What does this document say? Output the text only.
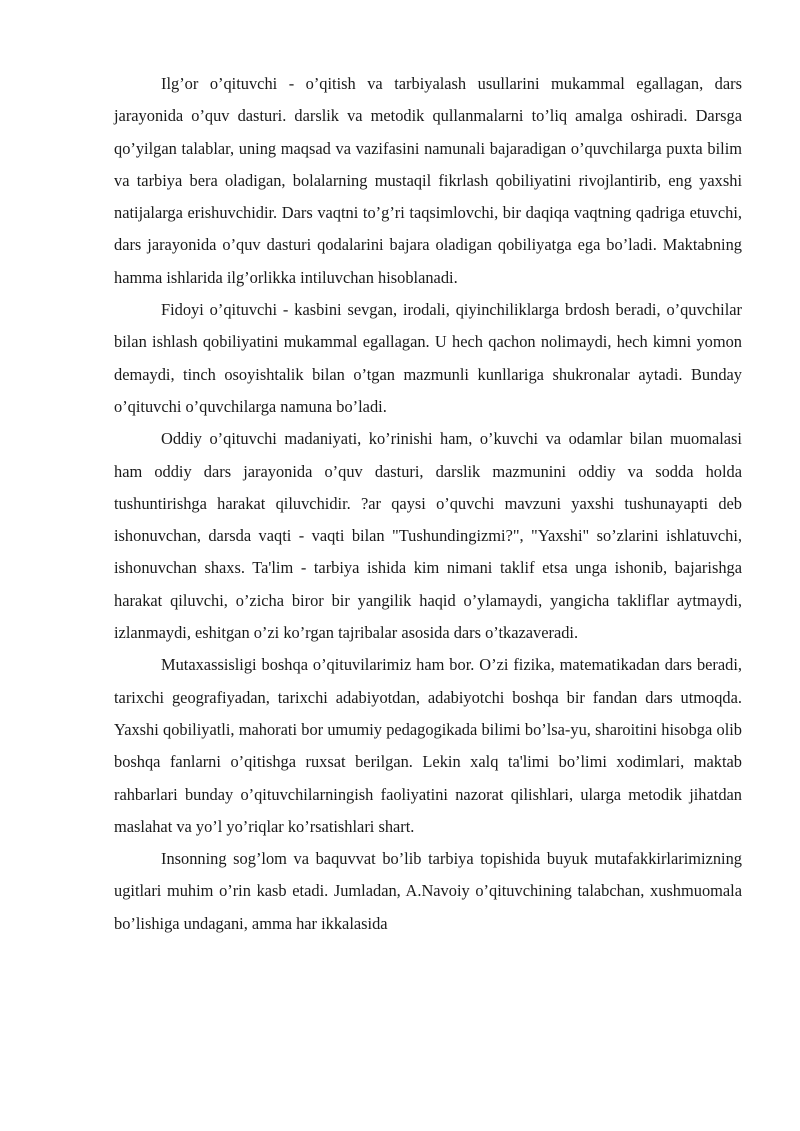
Ilg’or o’qituvchi - o’qitish va tarbiyalash usullarini mukammal egallagan, dars jarayonida o’quv dasturi. darslik va metodik qullanmalarni to’liq amalga oshiradi. Darsga qo’yilgan talablar, uning maqsad va vazifasini namunali bajaradigan o’quvchilarga puxta bilim va tarbiya bera oladigan, bolalarning mustaqil fikrlash qobiliyatini rivojlantirib, eng yaxshi natijalarga erishuvchidir. Dars vaqtni to’g’ri taqsimlovchi, bir daqiqa vaqtning qadriga etuvchi, dars jarayonida o’quv dasturi qodalarini bajara oladigan qobiliyatga ega bo’ladi. Maktabning hamma ishlarida ilg’orlikka intiluvchan hisoblanadi.

Fidoyi o’qituvchi - kasbini sevgan, irodali, qiyinchiliklarga brdosh beradi, o’quvchilar bilan ishlash qobiliyatini mukammal egallagan. U hech qachon nolimaydi, hech kimni yomon demaydi, tinch osoyishtalik bilan o’tgan mazmunli kunllariga shukronalar aytadi. Bunday o’qituvchi o’quvchilarga namuna bo’ladi.

Oddiy o’qituvchi madaniyati, ko’rinishi ham, o’kuvchi va odamlar bilan muomalasi ham oddiy dars jarayonida o’quv dasturi, darslik mazmunini oddiy va sodda holda tushuntirishga harakat qiluvchidir. ?ar qaysi o’quvchi mavzuni yaxshi tushunayapti deb ishonuvchan, darsda vaqti - vaqti bilan "Tushundingizmi?", "Yaxshi" so’zlarini ishlatuvchi, ishonuvchan shaxs. Ta'lim - tarbiya ishida kim nimani taklif etsa unga ishonib, bajarishga harakat qiluvchi, o’zicha biror bir yangilik haqid o’ylamaydi, yangicha takliflar aytmaydi, izlanmaydi, eshitgan o’zi ko’rgan tajribalar asosida dars o’tkazaveradi.

Mutaxassisligi boshqa o’qituvilarimiz ham bor. O’zi fizika, matematikadan dars beradi, tarixchi geografiyadan, tarixchi adabiyotdan, adabiyotchi boshqa bir fandan dars utmoqda. Yaxshi qobiliyatli, mahorati bor umumiy pedagogikada bilimi bo’lsa-yu, sharoitini hisobga olib boshqa fanlarni o’qitishga ruxsat berilgan. Lekin xalq ta'limi bo’limi xodimlari, maktab rahbarlari bunday o’qituvchilarningish faoliyatini nazorat qilishlari, ularga metodik jihatdan maslahat va yo’l yo’riqlar ko’rsatishlari shart.

Insonning sog’lom va baquvvat bo’lib tarbiya topishida buyuk mutafakkirlarimizning ugitlari muhim o’rin kasb etadi. Jumladan, A.Navoiy o’qituvchining talabchan, xushmuomala bo’lishiga undagani, amma har ikkalasida
